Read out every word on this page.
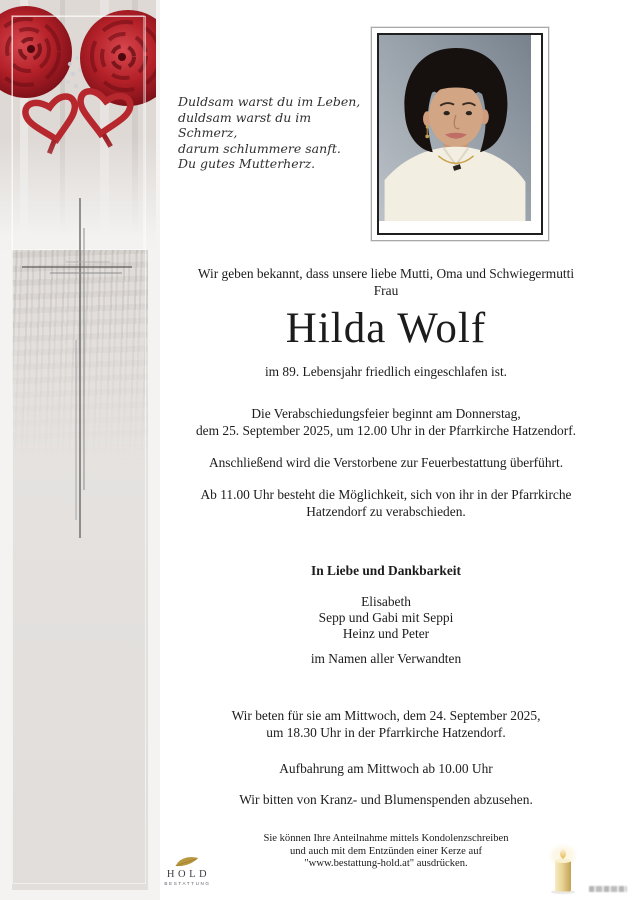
Duldsam warst du im Leben,
duldsam warst du im Schmerz,
darum schlummere sanft.
Du gutes Mutterherz.
Wir geben bekannt, dass unsere liebe Mutti, Oma und Schwiegermutti
Frau
Hilda Wolf
im 89. Lebensjahr friedlich eingeschlafen ist.
Die Verabschiedungsfeier beginnt am Donnerstag,
dem 25. September 2025, um 12.00 Uhr in der Pfarrkirche Hatzendorf.
Anschließend wird die Verstorbene zur Feuerbestattung überführt.
Ab 11.00 Uhr besteht die Möglichkeit, sich von ihr in der Pfarrkirche
Hatzendorf zu verabschieden.
In Liebe und Dankbarkeit
Elisabeth
Sepp und Gabi mit Seppi
Heinz und Peter
im Namen aller Verwandten
Wir beten für sie am Mittwoch, dem 24. September 2025,
um 18.30 Uhr in der Pfarrkirche Hatzendorf.
Aufbahrung am Mittwoch ab 10.00 Uhr
Wir bitten von Kranz- und Blumenspenden abzusehen.
Sie können Ihre Anteilnahme mittels Kondolenzschreiben
und auch mit dem Entzünden einer Kerze auf
"www.bestattung-hold.at" ausdrücken.
HOLD
BESTATTUNG
